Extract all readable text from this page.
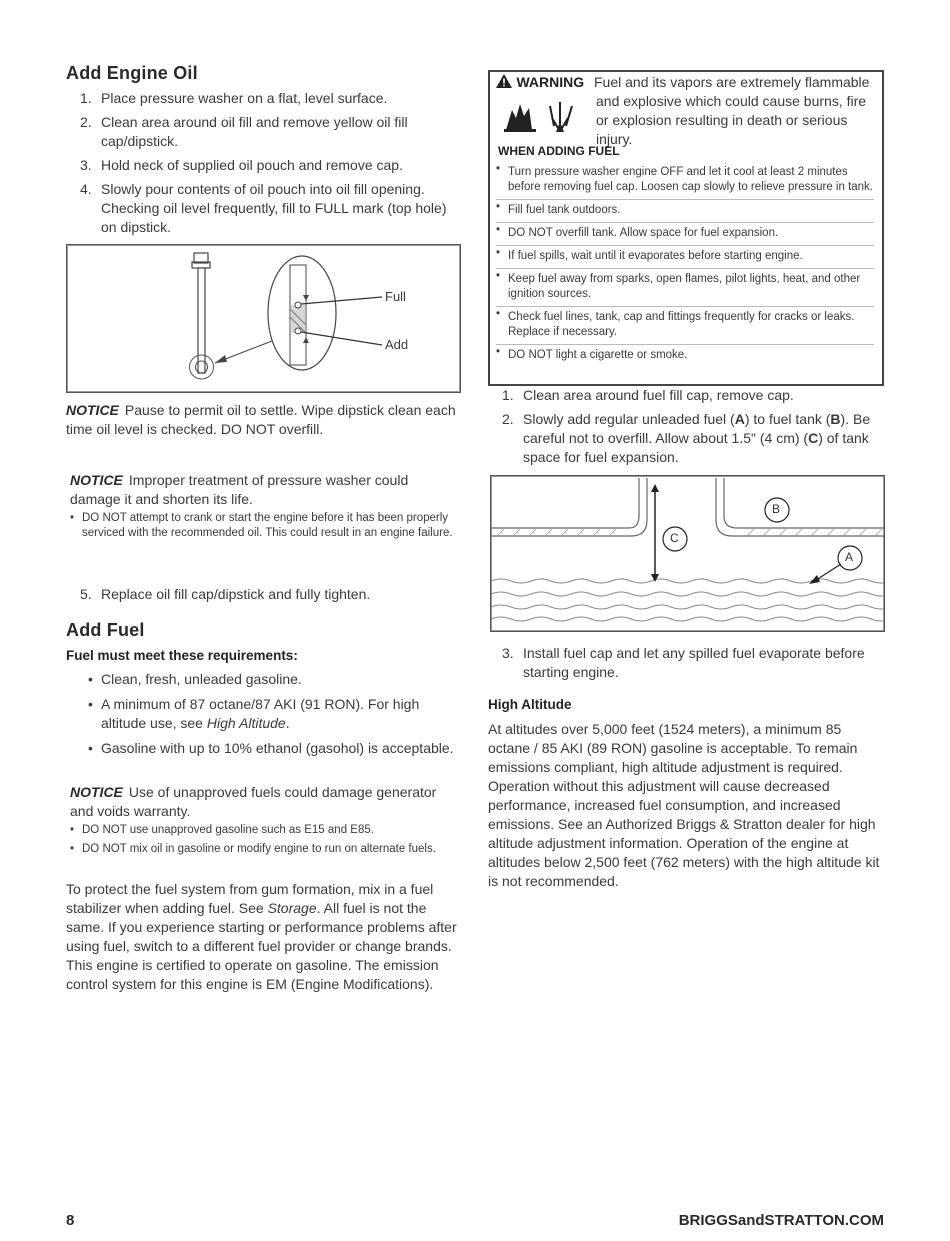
Add Engine Oil
1. Place pressure washer on a flat, level surface.
2. Clean area around oil fill and remove yellow oil fill cap/dipstick.
3. Hold neck of supplied oil pouch and remove cap.
4. Slowly pour contents of oil pouch into oil fill opening. Checking oil level frequently, fill to FULL mark (top hole) on dipstick.
Full
Add

NOTICE Pause to permit oil to settle. Wipe dipstick clean each time oil level is checked. DO NOT overfill.

NOTICE Improper treatment of pressure washer could damage it and shorten its life.

• DO NOT attempt to crank or start the engine before it has been properly serviced with the recommended oil. This could result in an engine failure.
5. Replace oil fill cap/dipstick and fully tighten.
Add Fuel
Fuel must meet these requirements:
• Clean, fresh, unleaded gasoline.
• A minimum of 87 octane/87 AKI (91 RON). For high altitude use, see High Altitude.
• Gasoline with up to 10% ethanol (gasohol) is acceptable.

NOTICE Use of unapproved fuels could damage generator and voids warranty.

• DO NOT use unapproved gasoline such as E15 and E85.
• DO NOT mix oil in gasoline or modify engine to run on alternate fuels.

To protect the fuel system from gum formation, mix in a fuel stabilizer when adding fuel. See Storage. All fuel is not the same. If you experience starting or performance problems after using fuel, switch to a different fuel provider or change brands. This engine is certified to operate on gasoline. The emission control system for this engine is EM (Engine Modifications).

WARNING Fuel and its vapors are extremely flammable and explosive which could cause burns, fire or explosion resulting in death or serious injury.
WHEN ADDING FUEL
• Turn pressure washer engine OFF and let it cool at least 2 minutes before removing fuel cap. Loosen cap slowly to relieve pressure in tank.
• Fill fuel tank outdoors.
• DO NOT overfill tank. Allow space for fuel expansion.
• If fuel spills, wait until it evaporates before starting engine.
• Keep fuel away from sparks, open flames, pilot lights, heat, and other ignition sources.
• Check fuel lines, tank, cap and fittings frequently for cracks or leaks. Replace if necessary.
• DO NOT light a cigarette or smoke.
1. Clean area around fuel fill cap, remove cap.
2. Slowly add regular unleaded fuel (A) to fuel tank (B). Be careful not to overfill. Allow about 1.5" (4 cm) (C) of tank space for fuel expansion.
C
B
A
3. Install fuel cap and let any spilled fuel evaporate before starting engine.
High Altitude

At altitudes over 5,000 feet (1524 meters), a minimum 85 octane / 85 AKI (89 RON) gasoline is acceptable. To remain emissions compliant, high altitude adjustment is required. Operation without this adjustment will cause decreased performance, increased fuel consumption, and increased emissions. See an Authorized Briggs & Stratton dealer for high altitude adjustment information. Operation of the engine at altitudes below 2,500 feet (762 meters) with the high altitude kit is not recommended.

8	BRIGGSandSTRATTON.COM
